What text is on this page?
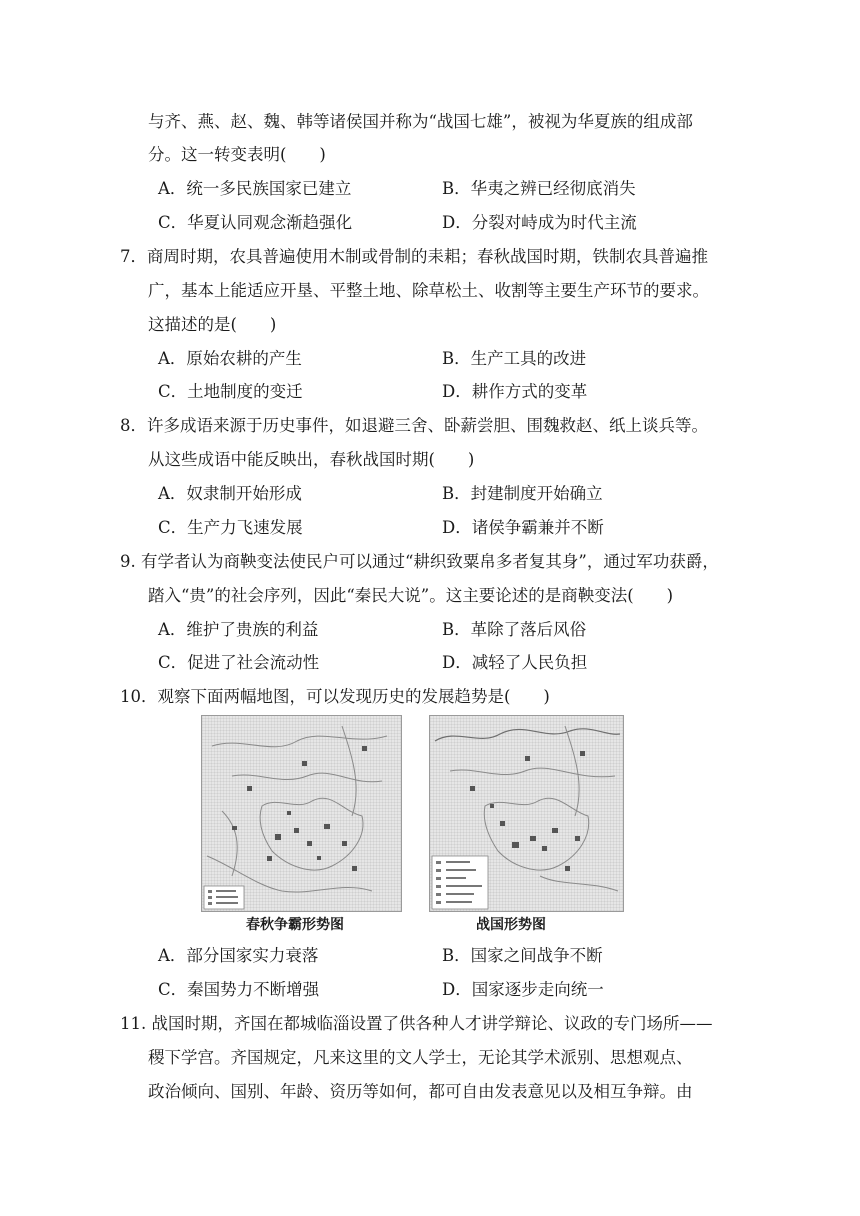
与齐、燕、赵、魏、韩等诸侯国并称为“战国七雄”，被视为华夏族的组成部
分。这一转变表明(　　)
A．统一多民族国家已建立	B．华夷之辨已经彻底消失
C．华夏认同观念渐趋强化	D．分裂对峙成为时代主流
7．商周时期，农具普遍使用木制或骨制的耒耜；春秋战国时期，铁制农具普遍推
广，基本上能适应开垦、平整土地、除草松土、收割等主要生产环节的要求。
这描述的是(　　)
A．原始农耕的产生	B．生产工具的改进
C．土地制度的变迁	D．耕作方式的变革
8．许多成语来源于历史事件，如退避三舍、卧薪尝胆、围魏救赵、纸上谈兵等。
从这些成语中能反映出，春秋战国时期(　　)
A．奴隶制开始形成	B．封建制度开始确立
C．生产力飞速发展	D．诸侯争霸兼并不断
9. 有学者认为商鞅变法使民户可以通过“耕织致粟帛多者复其身”，通过军功获爵，
踏入“贵”的社会序列，因此“秦民大说”。这主要论述的是商鞅变法(　　)
A．维护了贵族的利益	B．革除了落后风俗
C．促进了社会流动性	D．减轻了人民负担
10．观察下面两幅地图，可以发现历史的发展趋势是(　　)
春秋争霸形势图	战国形势图
A．部分国家实力衰落	B．国家之间战争不断
C．秦国势力不断增强	D．国家逐步走向统一
11. 战国时期，齐国在都城临淄设置了供各种人才讲学辩论、议政的专门场所——
稷下学宫。齐国规定，凡来这里的文人学士，无论其学术派别、思想观点、
政治倾向、国别、年龄、资历等如何，都可自由发表意见以及相互争辩。由
